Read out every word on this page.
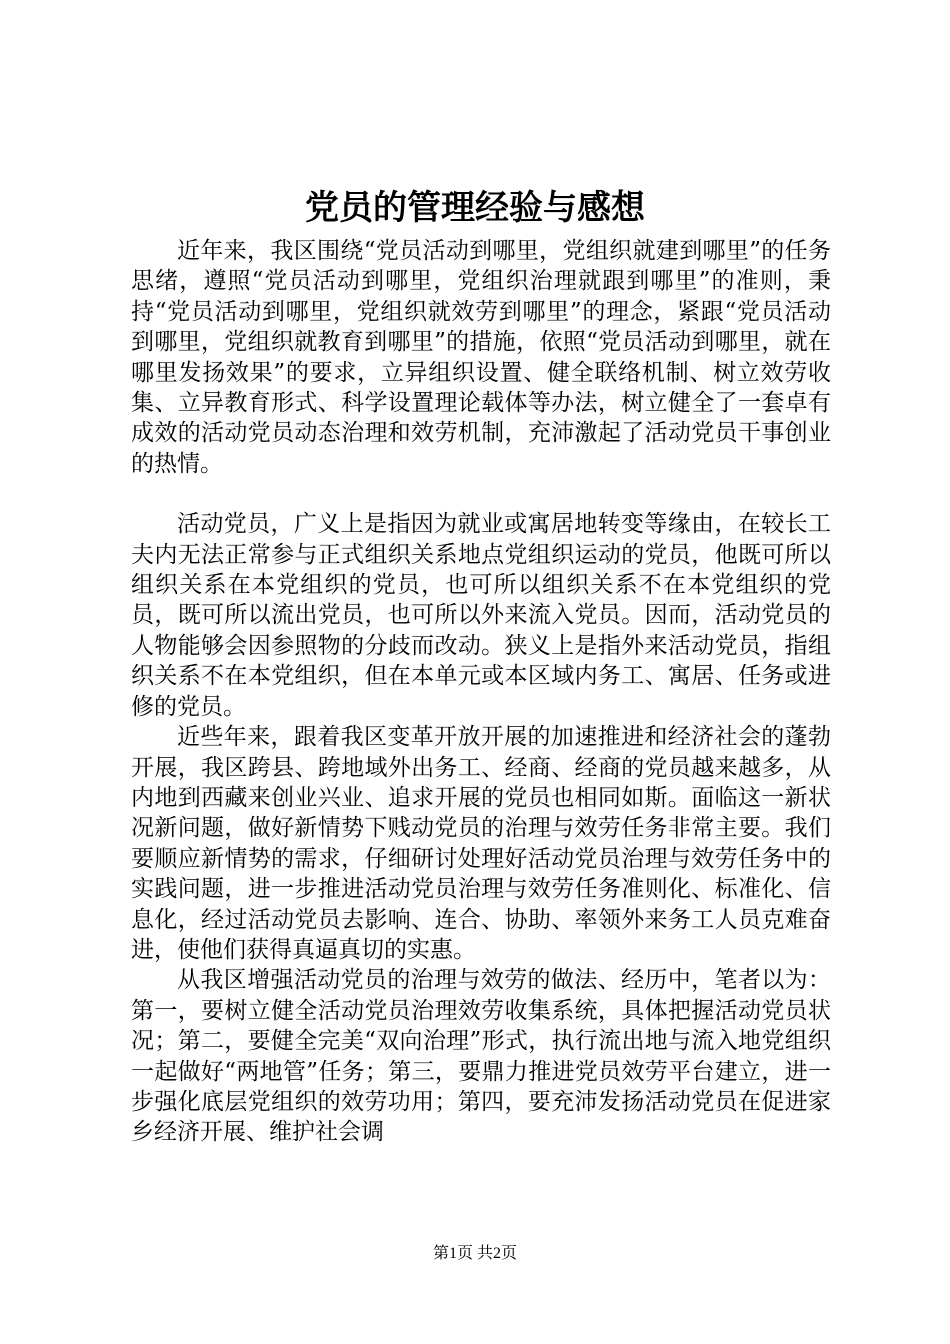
党员的管理经验与感想

近年来，我区围绕“党员活动到哪里，党组织就建到哪里”的任务思绪，遵照“党员活动到哪里，党组织治理就跟到哪里”的准则，秉持“党员活动到哪里，党组织就效劳到哪里”的理念，紧跟“党员活动到哪里，党组织就教育到哪里”的措施，依照“党员活动到哪里，就在哪里发扬效果”的要求，立异组织设置、健全联络机制、树立效劳收集、立异教育形式、科学设置理论载体等办法，树立健全了一套卓有成效的活动党员动态治理和效劳机制，充沛激起了活动党员干事创业的热情。

活动党员，广义上是指因为就业或寓居地转变等缘由，在较长工夫内无法正常参与正式组织关系地点党组织运动的党员，他既可所以组织关系在本党组织的党员，也可所以组织关系不在本党组织的党员，既可所以流出党员，也可所以外来流入党员。因而，活动党员的人物能够会因参照物的分歧而改动。狭义上是指外来活动党员，指组织关系不在本党组织，但在本单元或本区域内务工、寓居、任务或进修的党员。

近些年来，跟着我区变革开放开展的加速推进和经济社会的蓬勃开展，我区跨县、跨地域外出务工、经商、经商的党员越来越多，从内地到西藏来创业兴业、追求开展的党员也相同如斯。面临这一新状况新问题，做好新情势下贱动党员的治理与效劳任务非常主要。我们要顺应新情势的需求，仔细研讨处理好活动党员治理与效劳任务中的实践问题，进一步推进活动党员治理与效劳任务准则化、标准化、信息化，经过活动党员去影响、连合、协助、率领外来务工人员克难奋进，使他们获得真逼真切的实惠。

从我区增强活动党员的治理与效劳的做法、经历中，笔者以为：第一，要树立健全活动党员治理效劳收集系统，具体把握活动党员状况；第二，要健全完美“双向治理”形式，执行流出地与流入地党组织一起做好“两地管”任务；第三，要鼎力推进党员效劳平台建立，进一步强化底层党组织的效劳功用；第四，要充沛发扬活动党员在促进家乡经济开展、维护社会调

第1页 共2页
